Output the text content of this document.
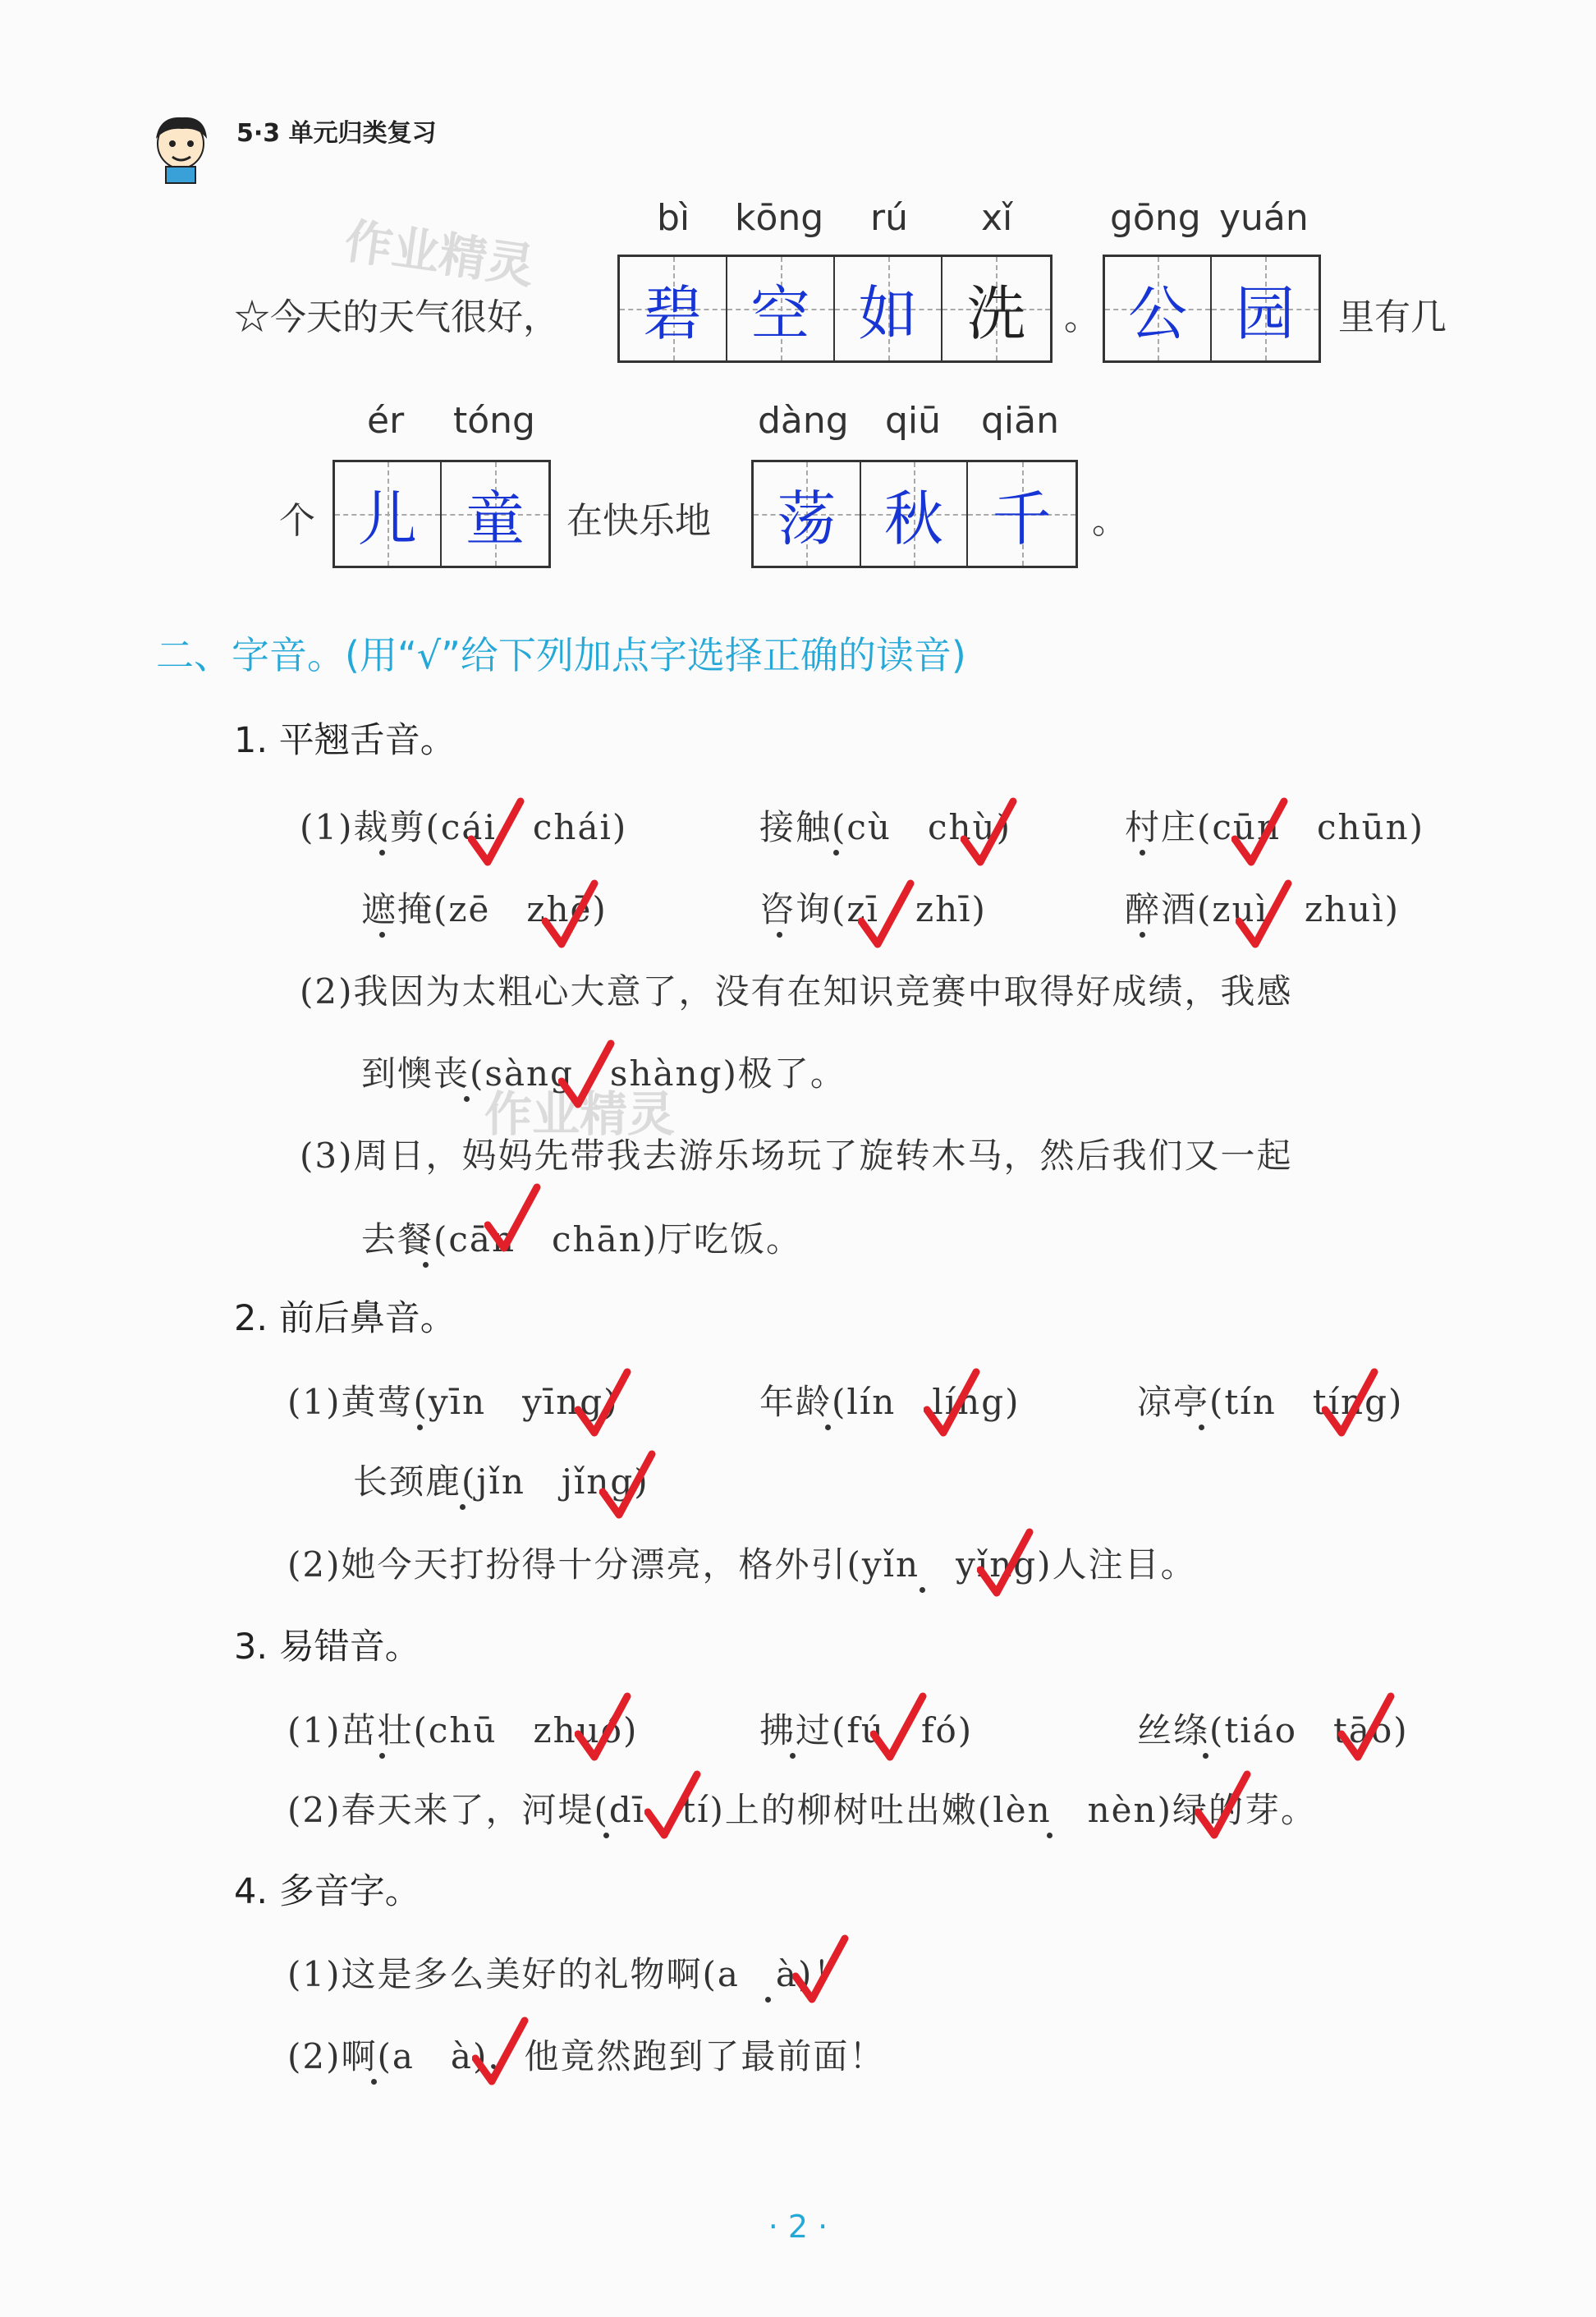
5·3 单元归类复习
作业精灵
作业精灵
bì kōng rú xǐ	gōng yuán
☆今天的天气很好， 碧 空 如 洗 。 公 园 里有几
ér tóng	dàng qiū qiān
个 儿 童 在快乐地 荡 秋 千 。
二、字音。(用“√”给下列加点字选择正确的读音)
1. 平翘舌音。
(1)裁剪(cái　chái)	接触(cù　chù)	村庄(cūn　chūn)
遮掩(zē　zhē)	咨询(zī　zhī)	醉酒(zuì　zhuì)
(2)我因为太粗心大意了，没有在知识竞赛中取得好成绩，我感
到懊丧(sàng　shàng)极了。
(3)周日，妈妈先带我去游乐场玩了旋转木马，然后我们又一起
去餐(cān　chān)厅吃饭。
2. 前后鼻音。
(1)黄莺(yīn　yīng)	年龄(lín　líng)	凉亭(tín　tíng)
长颈鹿(jǐn　jǐng)
(2)她今天打扮得十分漂亮，格外引(yǐn　yǐng)人注目。
3. 易错音。
(1)茁壮(chū　zhuó)	拂过(fú　fó)	丝绦(tiáo　tāo)
(2)春天来了，河堤(dī　tí)上的柳树吐出嫩(lèn　nèn)绿的芽。
4. 多音字。
(1)这是多么美好的礼物啊(a　à)！
(2)啊(a　à)，他竟然跑到了最前面！
· 2 ·
